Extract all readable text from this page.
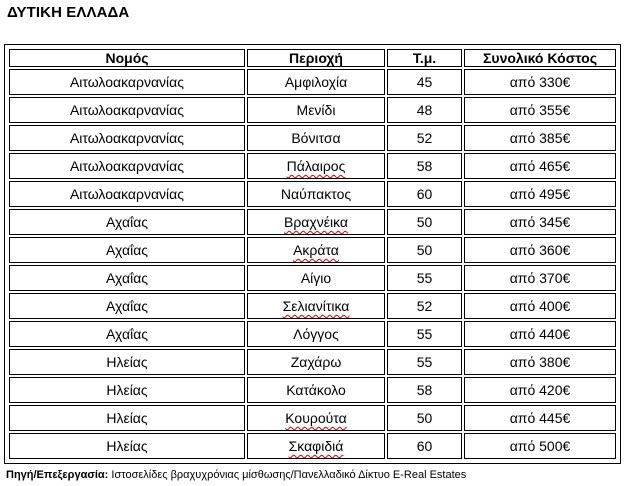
ΔΥΤΙΚΗ ΕΛΛΑΔΑ
Νομός	Περιοχή	Τ.μ.	Συνολικό Κόστος
Αιτωλοακαρνανίας	Αμφιλοχία	45	από 330€
Αιτωλοακαρνανίας	Μενίδι	48	από 355€
Αιτωλοακαρνανίας	Βόνιτσα	52	από 385€
Αιτωλοακαρνανίας	Πάλαιρος	58	από 465€
Αιτωλοακαρνανίας	Ναύπακτος	60	από 495€
Αχαΐας	Βραχνέικα	50	από 345€
Αχαΐας	Ακράτα	50	από 360€
Αχαΐας	Αίγιο	55	από 370€
Αχαΐας	Σελιανίτικα	52	από 400€
Αχαΐας	Λόγγος	55	από 440€
Ηλείας	Ζαχάρω	55	από 380€
Ηλείας	Κατάκολο	58	από 420€
Ηλείας	Κουρούτα	50	από 445€
Ηλείας	Σκαφιδιά	60	από 500€
Πηγή/Επεξεργασία: Ιστοσελίδες βραχυχρόνιας μίσθωσης/Πανελλαδικό Δίκτυο E-Real Estates
